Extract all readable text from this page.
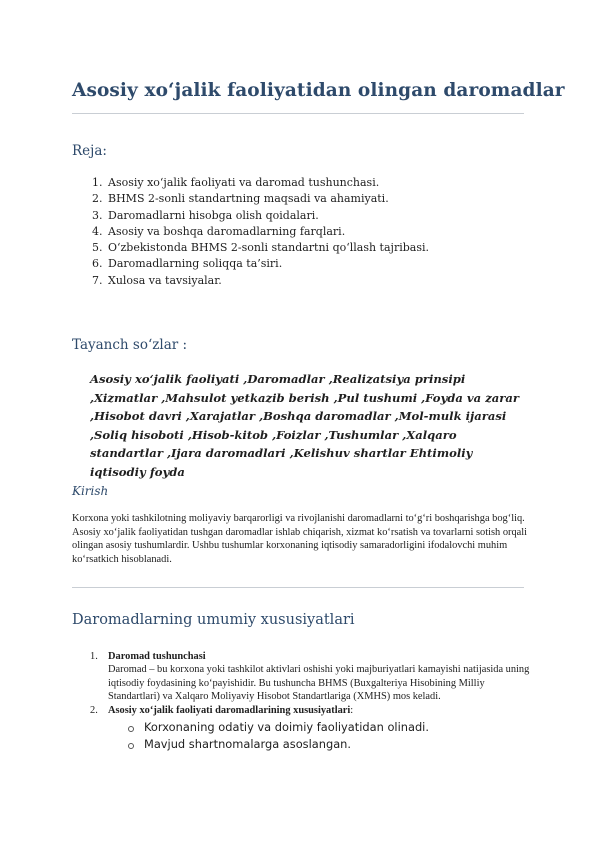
Asosiy xo‘jalik faoliyatidan olingan daromadlar
Reja:
1. Asosiy xo‘jalik faoliyati va daromad tushunchasi.
2. BHMS 2-sonli standartning maqsadi va ahamiyati.
3. Daromadlarni hisobga olish qoidalari.
4. Asosiy va boshqa daromadlarning farqlari.
5. O‘zbekistonda BHMS 2-sonli standartni qo‘llash tajribasi.
6. Daromadlarning soliqqa ta’siri.
7. Xulosa va tavsiyalar.
Tayanch so‘zlar :
Asosiy xo‘jalik faoliyati ,Daromadlar ,Realizatsiya prinsipi ,Xizmatlar ,Mahsulot yetkazib berish ,Pul tushumi ,Foyda va zarar ,Hisobot davri ,Xarajatlar ,Boshqa daromadlar ,Mol-mulk ijarasi ,Soliq hisoboti ,Hisob-kitob ,Foizlar ,Tushumlar ,Xalqaro standartlar ,Ijara daromadlari ,Kelishuv shartlar Ehtimoliy iqtisodiy foyda
Kirish
Korxona yoki tashkilotning moliyaviy barqarorligi va rivojlanishi daromadlarni to‘g‘ri boshqarishga bog‘liq. Asosiy xo‘jalik faoliyatidan tushgan daromadlar ishlab chiqarish, xizmat ko‘rsatish va tovarlarni sotish orqali olingan asosiy tushumlardir. Ushbu tushumlar korxonaning iqtisodiy samaradorligini ifodalovchi muhim ko‘rsatkich hisoblanadi.
Daromadlarning umumiy xususiyatlari
1. Daromad tushunchasi
Daromad – bu korxona yoki tashkilot aktivlari oshishi yoki majburiyatlari kamayishi natijasida uning iqtisodiy foydasining ko‘payishidir. Bu tushuncha BHMS (Buxgalteriya Hisobining Milliy Standartlari) va Xalqaro Moliyaviy Hisobot Standartlariga (XMHS) mos keladi.
2. Asosiy xo‘jalik faoliyati daromadlarining xususiyatlari:
Korxonaning odatiy va doimiy faoliyatidan olinadi.
Mavjud shartnomalarga asoslangan.
